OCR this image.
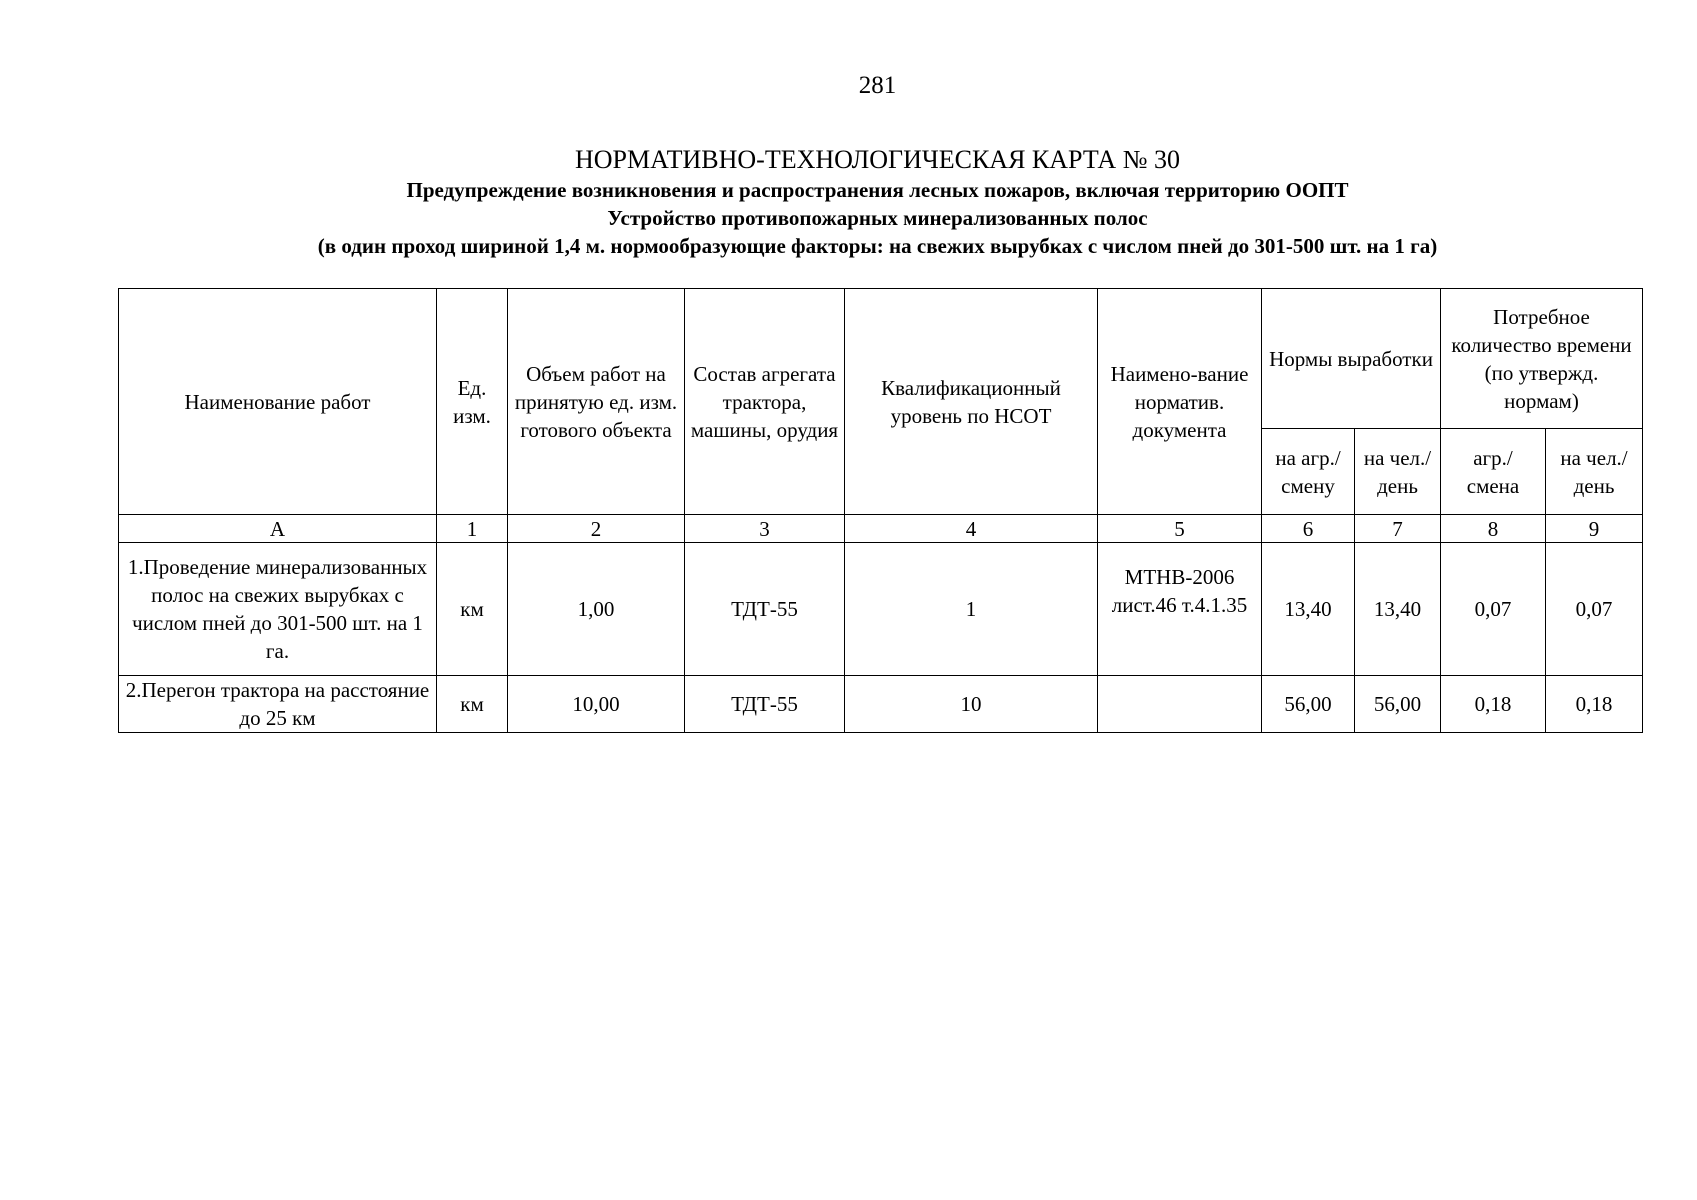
281
НОРМАТИВНО-ТЕХНОЛОГИЧЕСКАЯ КАРТА № 30
Предупреждение возникновения и распространения лесных пожаров, включая территорию ООПТ
Устройство противопожарных минерализованных полос
(в один проход шириной 1,4 м. нормообразующие факторы: на свежих вырубках с числом пней до 301-500 шт. на 1 га)
Наименование работ	Ед. изм.	Объем работ на принятую ед. изм. готового объекта	Состав агрегата трактора, машины, орудия	Квалификационный уровень по НСОТ	Наимено-вание норматив. документа	Нормы выработки		Потребное количество времени (по утвержд. нормам)	
						на агр./ смену	на чел./ день	агр./ смена	на чел./ день
А	1	2	3	4	5	6	7	8	9
1.Проведение минерализованных полос на свежих вырубках с числом пней до 301-500 шт. на 1 га.	км	1,00	ТДТ-55	1	МТНВ-2006 лист.46 т.4.1.35	13,40	13,40	0,07	0,07
2.Перегон трактора на расстояние до 25 км	км	10,00	ТДТ-55	10		56,00	56,00	0,18	0,18
